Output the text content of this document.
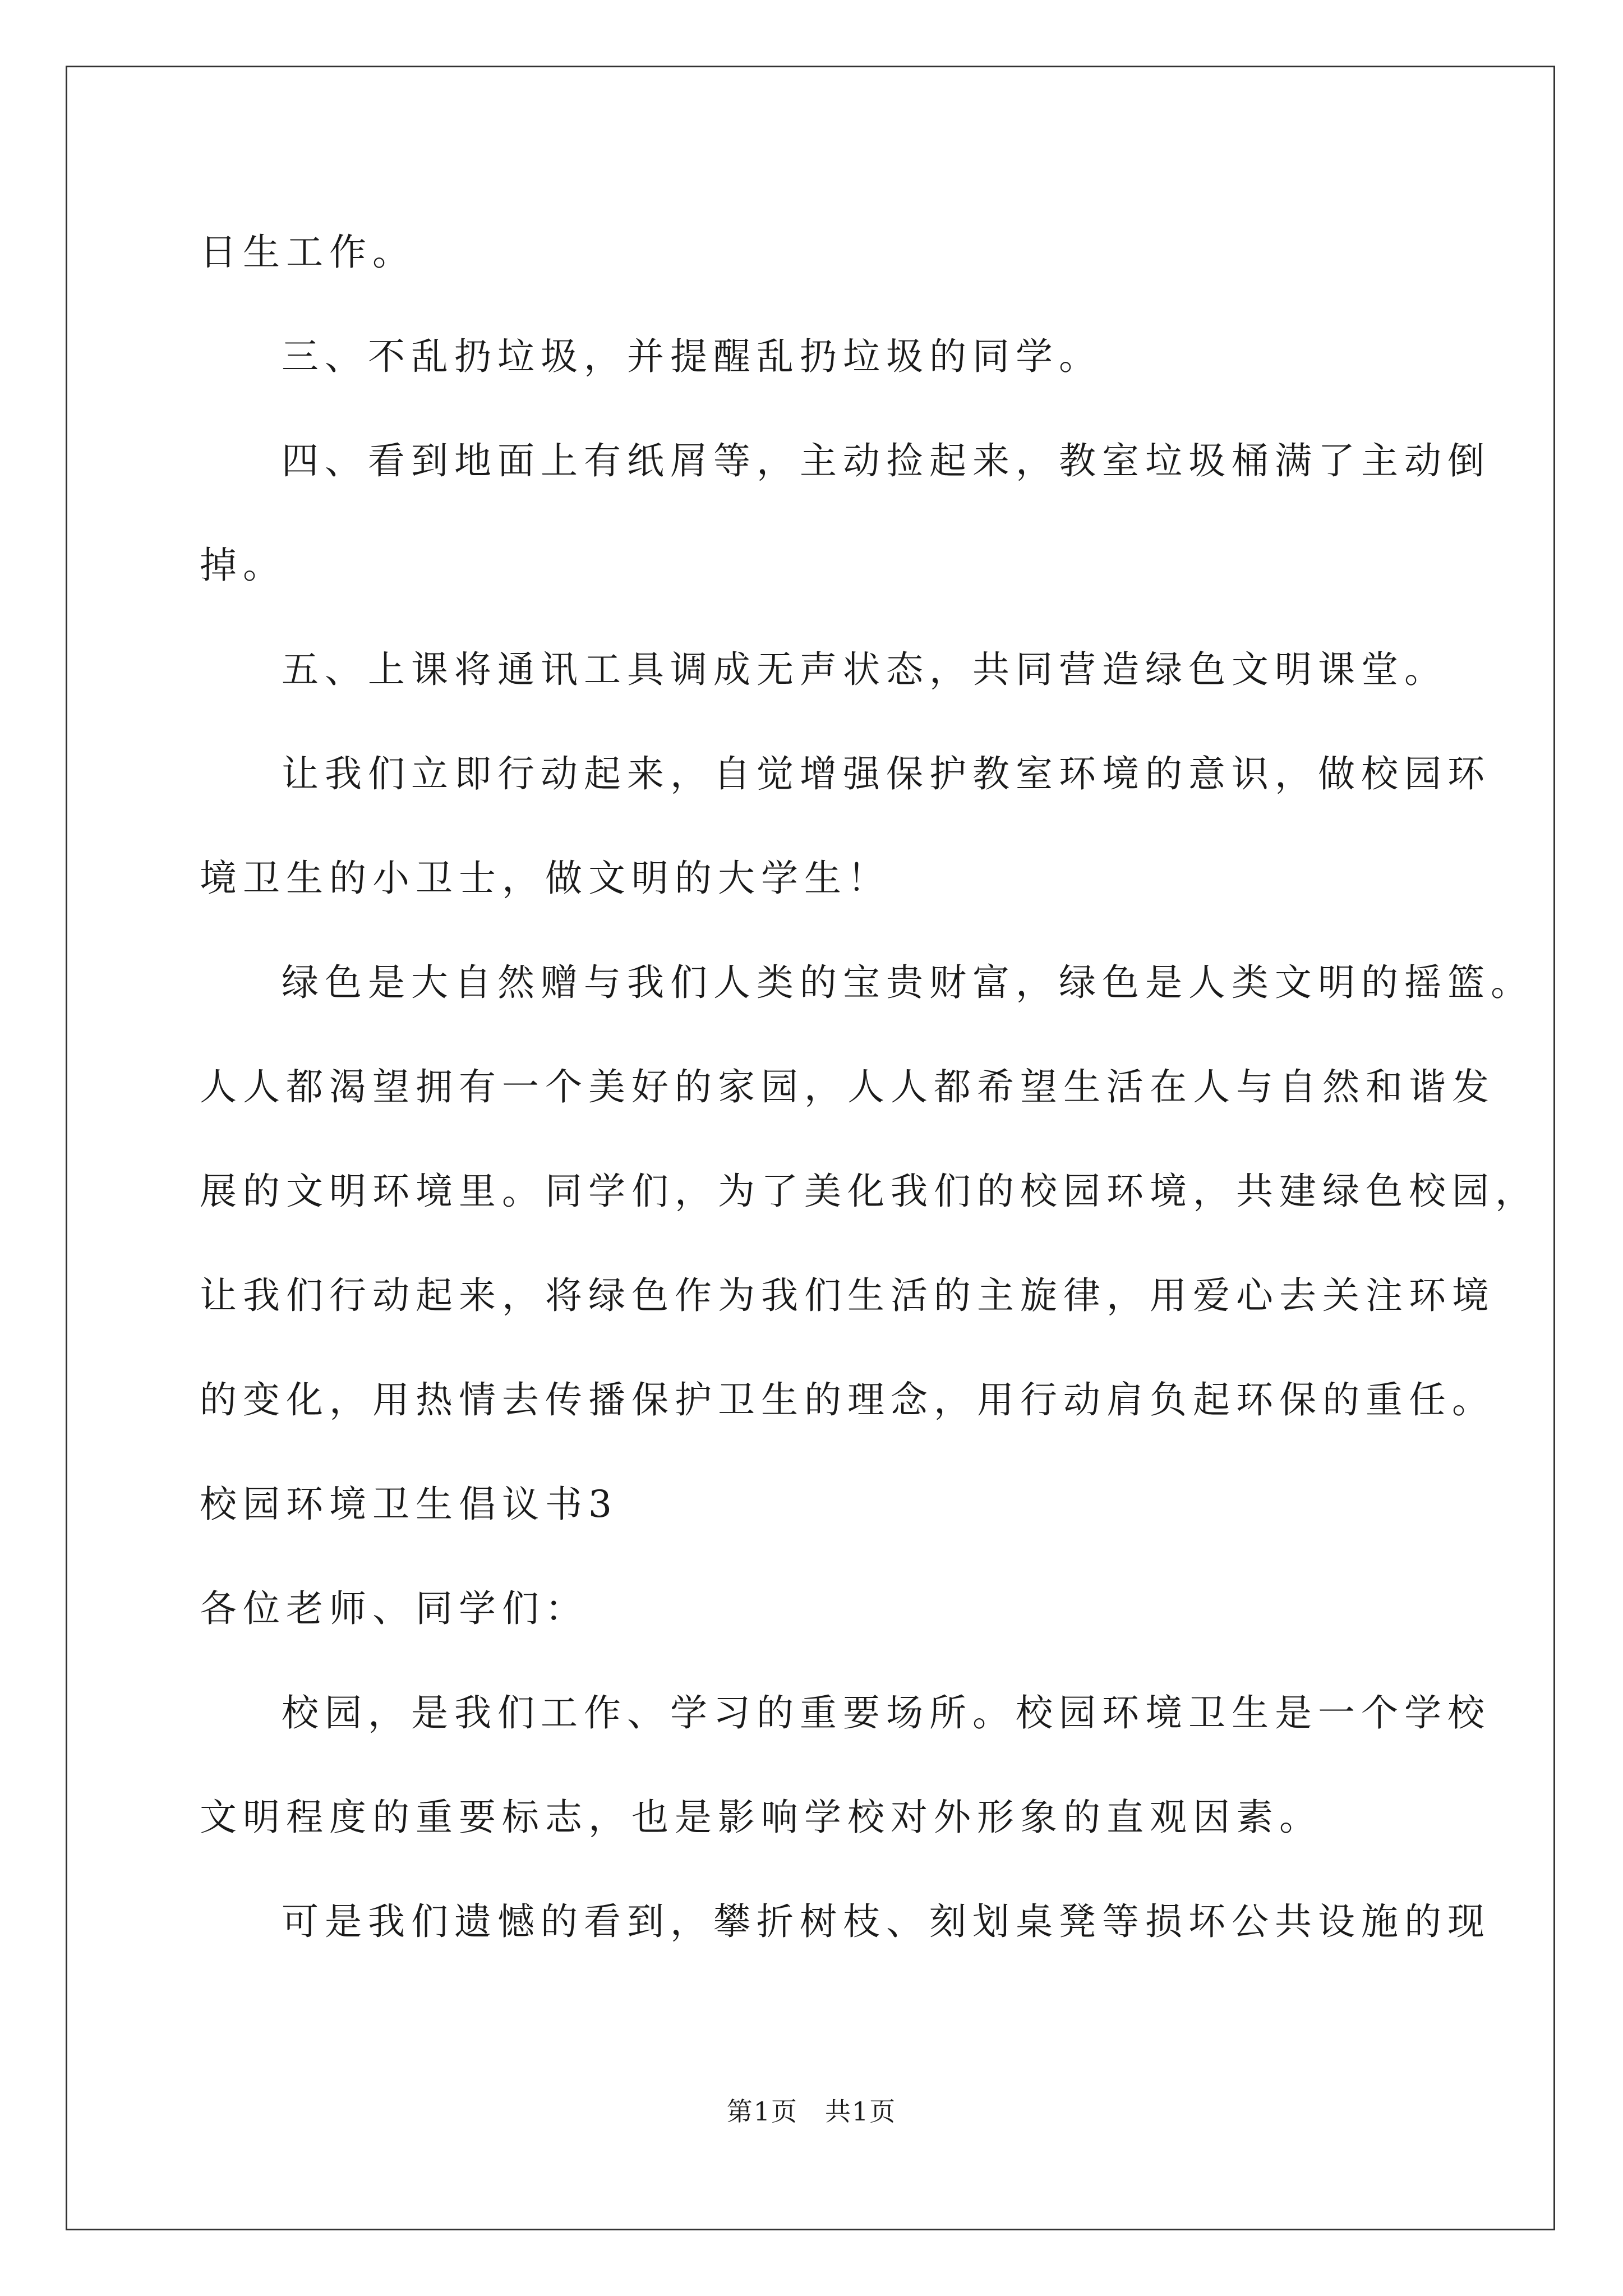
日生工作。

三、不乱扔垃圾，并提醒乱扔垃圾的同学。

四、看到地面上有纸屑等，主动捡起来，教室垃圾桶满了主动倒

掉。

五、上课将通讯工具调成无声状态，共同营造绿色文明课堂。

让我们立即行动起来，自觉增强保护教室环境的意识，做校园环

境卫生的小卫士，做文明的大学生！

绿色是大自然赠与我们人类的宝贵财富，绿色是人类文明的摇篮。

人人都渴望拥有一个美好的家园，人人都希望生活在人与自然和谐发

展的文明环境里。同学们，为了美化我们的校园环境，共建绿色校园，

让我们行动起来，将绿色作为我们生活的主旋律，用爱心去关注环境

的变化，用热情去传播保护卫生的理念，用行动肩负起环保的重任。

校园环境卫生倡议书3

各位老师、同学们：

校园，是我们工作、学习的重要场所。校园环境卫生是一个学校

文明程度的重要标志，也是影响学校对外形象的直观因素。

可是我们遗憾的看到，攀折树枝、刻划桌凳等损坏公共设施的现

第1页　共1页
